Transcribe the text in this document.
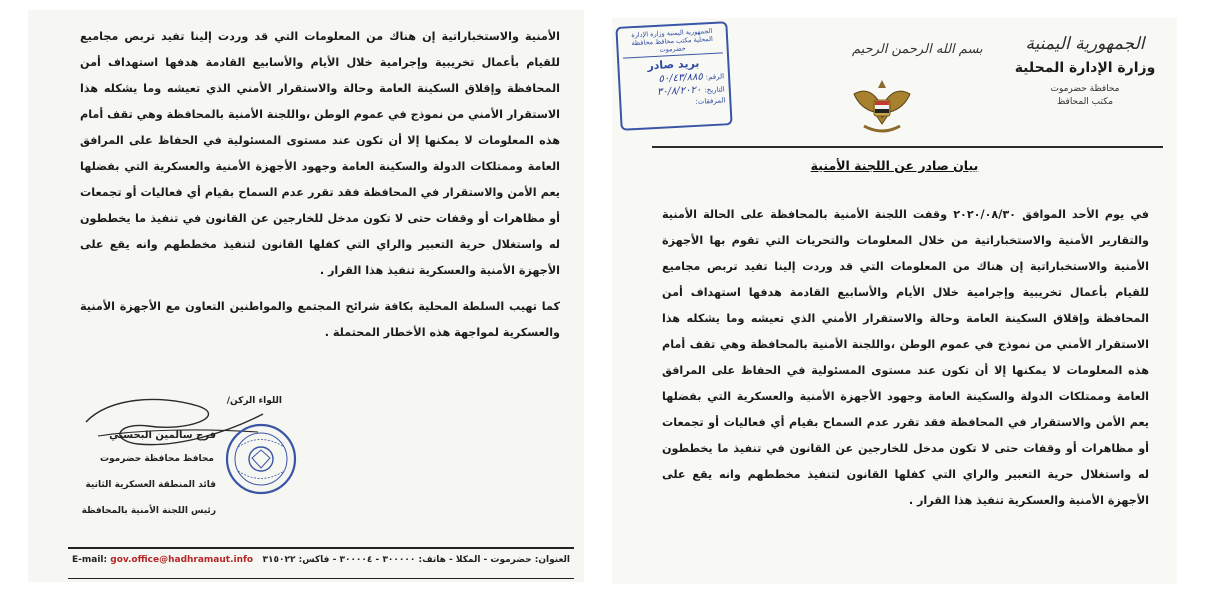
الأمنية والاستخباراتية إن هناك من المعلومات التي قد وردت إلينا تفيد تربص مجاميع للقيام بأعمال تخريبية وإجرامية خلال الأيام والأسابيع القادمة هدفها استهداف أمن المحافظة وإقلاق السكينة العامة وحالة والاستقرار الأمني الذي تعيشه وما يشكله هذا الاستقرار الأمني من نموذج في عموم الوطن ،واللجنة الأمنية بالمحافظة وهي تقف أمام هذه المعلومات لا يمكنها إلا أن تكون عند مستوى المسئولية في الحفاظ على المرافق العامة وممتلكات الدولة والسكينة العامة وجهود الأجهزة الأمنية والعسكرية التي بفضلها يعم الأمن والاستقرار في المحافظة فقد تقرر عدم السماح بقيام أي فعاليات أو تجمعات أو مظاهرات أو وقفات حتى لا تكون مدخل للخارجين عن القانون في تنفيذ ما يخططون له واستغلال حرية التعبير والراي التي كفلها القانون لتنفيذ مخططهم وانه يقع على الأجهزة الأمنية والعسكرية تنفيذ هذا القرار .

كما تهيب السلطة المحلية بكافة شرائح المجتمع والمواطنين التعاون مع الأجهزة الأمنية والعسكرية لمواجهة هذه الأخطار المحتملة .

اللواء الركن/
فرج سالمين البحسني
محافظ محافظة حضرموت
قائد المنطقة العسكرية الثانية
رئيس اللجنة الأمنية بالمحافظة
E-mail: gov.office@hadhramaut.info العنوان: حضرموت - المكلا - هاتف: ٣٠٠٠٠٠ - ٣٠٠٠٠٤ - فاكس: ٣١٥٠٢٢
الجمهورية اليمنية وزارة الإدارة المحلية مكتب محافظ محافظة حضرموت
بريد صادر
الرقم:٥٠/٤٣/٨٨٥
التاريخ:٣٠/٨/٢٠٢٠
المرفقات:
بسم الله الرحمن الرحيم	الجمهورية اليمنية
وزارة الإدارة المحلية
محافظة حضرموت
مكتب المحافظ
بيان صادر عن اللجنة الأمنية
في يوم الأحد الموافق ٢٠٢٠/٠٨/٣٠ وقفت اللجنة الأمنية بالمحافظة على الحالة الأمنية والتقارير الأمنية والاستخباراتية من خلال المعلومات والتحريات التي تقوم بها الأجهزة الأمنية والاستخباراتية إن هناك من المعلومات التي قد وردت إلينا تفيد تربص مجاميع للقيام بأعمال تخريبية وإجرامية خلال الأيام والأسابيع القادمة هدفها استهداف أمن المحافظة وإقلاق السكينة العامة وحالة والاستقرار الأمني الذي تعيشه وما يشكله هذا الاستقرار الأمني من نموذج في عموم الوطن ،واللجنة الأمنية بالمحافظة وهي تقف أمام هذه المعلومات لا يمكنها إلا أن تكون عند مستوى المسئولية في الحفاظ على المرافق العامة وممتلكات الدولة والسكينة العامة وجهود الأجهزة الأمنية والعسكرية التي بفضلها يعم الأمن والاستقرار في المحافظة فقد تقرر عدم السماح بقيام أي فعاليات أو تجمعات أو مظاهرات أو وقفات حتى لا تكون مدخل للخارجين عن القانون في تنفيذ ما يخططون له واستغلال حرية التعبير والراي التي كفلها القانون لتنفيذ مخططهم وانه يقع على الأجهزة الأمنية والعسكرية تنفيذ هذا القرار .
